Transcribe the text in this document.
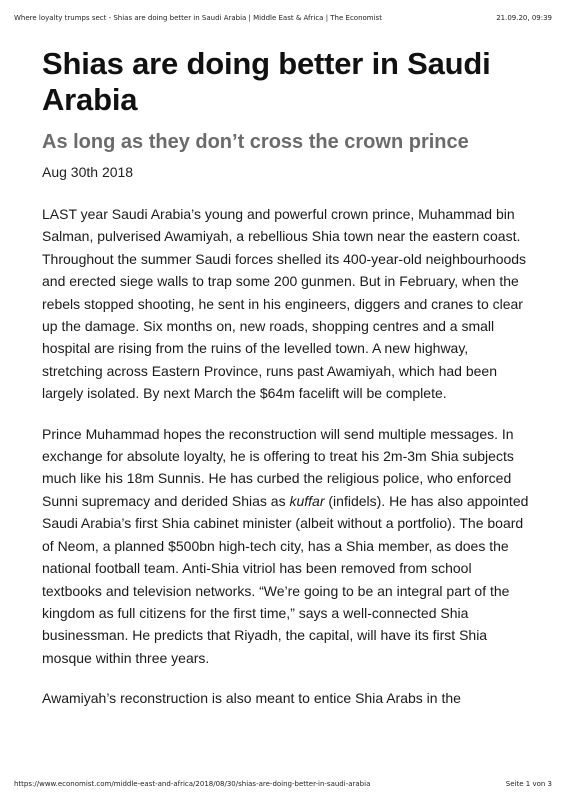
Where loyalty trumps sect - Shias are doing better in Saudi Arabia | Middle East & Africa | The Economist	21.09.20, 09:39
Shias are doing better in Saudi Arabia
As long as they don’t cross the crown prince
Aug 30th 2018

LAST year Saudi Arabia’s young and powerful crown prince, Muhammad bin Salman, pulverised Awamiyah, a rebellious Shia town near the eastern coast. Throughout the summer Saudi forces shelled its 400-year-old neighbourhoods and erected siege walls to trap some 200 gunmen. But in February, when the rebels stopped shooting, he sent in his engineers, diggers and cranes to clear up the damage. Six months on, new roads, shopping centres and a small hospital are rising from the ruins of the levelled town. A new highway, stretching across Eastern Province, runs past Awamiyah, which had been largely isolated. By next March the $64m facelift will be complete.

Prince Muhammad hopes the reconstruction will send multiple messages. In exchange for absolute loyalty, he is offering to treat his 2m-3m Shia subjects much like his 18m Sunnis. He has curbed the religious police, who enforced Sunni supremacy and derided Shias as kuffar (infidels). He has also appointed Saudi Arabia’s first Shia cabinet minister (albeit without a portfolio). The board of Neom, a planned $500bn high-tech city, has a Shia member, as does the national football team. Anti-Shia vitriol has been removed from school textbooks and television networks. “We’re going to be an integral part of the kingdom as full citizens for the first time,” says a well-connected Shia businessman. He predicts that Riyadh, the capital, will have its first Shia mosque within three years.

Awamiyah’s reconstruction is also meant to entice Shia Arabs in the

https://www.economist.com/middle-east-and-africa/2018/08/30/shias-are-doing-better-in-saudi-arabia	Seite 1 von 3
